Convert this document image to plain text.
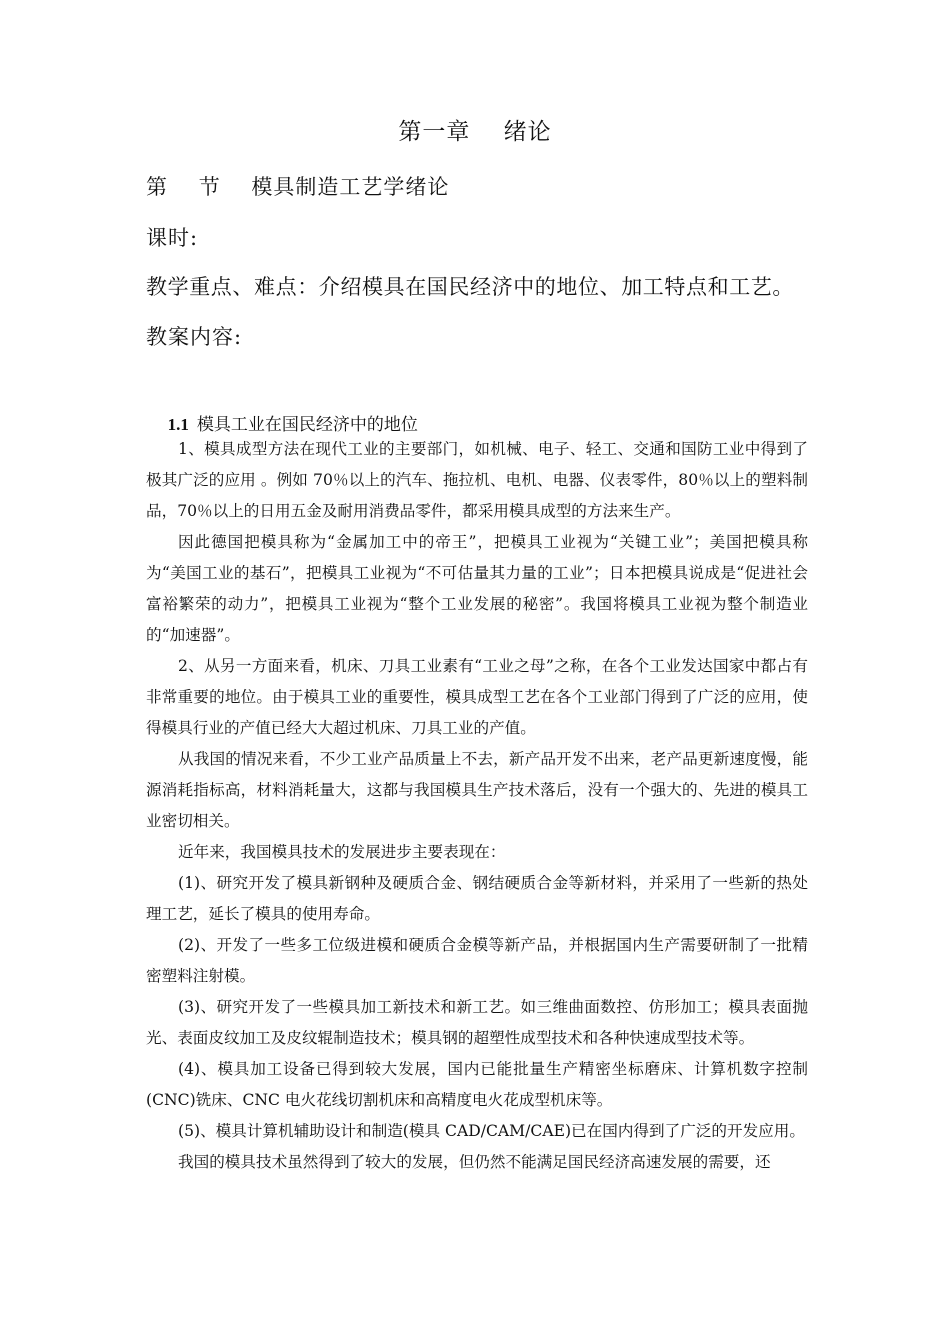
第一章    绪论
第    节    模具制造工艺学绪论
课时:
教学重点、难点：介绍模具在国民经济中的地位、加工特点和工艺。
教案内容:

1.1 模具工业在国民经济中的地位

1、模具成型方法在现代工业的主要部门，如机械、电子、轻工、交通和国防工业中得到了极其广泛的应用 。例如 70％以上的汽车、拖拉机、电机、电器、仪表零件，80％以上的塑料制品，70％以上的日用五金及耐用消费品零件，都采用模具成型的方法来生产。

因此德国把模具称为“金属加工中的帝王”，把模具工业视为“关键工业”；美国把模具称为“美国工业的基石”，把模具工业视为“不可估量其力量的工业”；日本把模具说成是“促进社会富裕繁荣的动力”，把模具工业视为“整个工业发展的秘密”。我国将模具工业视为整个制造业的“加速器”。

2、从另一方面来看，机床、刀具工业素有“工业之母”之称，在各个工业发达国家中都占有非常重要的地位。由于模具工业的重要性，模具成型工艺在各个工业部门得到了广泛的应用，使得模具行业的产值已经大大超过机床、刀具工业的产值。

从我国的情况来看，不少工业产品质量上不去，新产品开发不出来，老产品更新速度慢，能源消耗指标高，材料消耗量大，这都与我国模具生产技术落后，没有一个强大的、先进的模具工业密切相关。

近年来，我国模具技术的发展进步主要表现在：

(1)、研究开发了模具新钢种及硬质合金、钢结硬质合金等新材料，并采用了一些新的热处理工艺，延长了模具的使用寿命。

(2)、开发了一些多工位级进模和硬质合金模等新产品，并根据国内生产需要研制了一批精密塑料注射模。

(3)、研究开发了一些模具加工新技术和新工艺。如三维曲面数控、仿形加工；模具表面抛光、表面皮纹加工及皮纹辊制造技术；模具钢的超塑性成型技术和各种快速成型技术等。

(4)、模具加工设备已得到较大发展，国内已能批量生产精密坐标磨床、计算机数字控制(CNC)铣床、CNC 电火花线切割机床和高精度电火花成型机床等。

(5)、模具计算机辅助设计和制造(模具 CAD/CAM/CAE)已在国内得到了广泛的开发应用。

我国的模具技术虽然得到了较大的发展，但仍然不能满足国民经济高速发展的需要，还
